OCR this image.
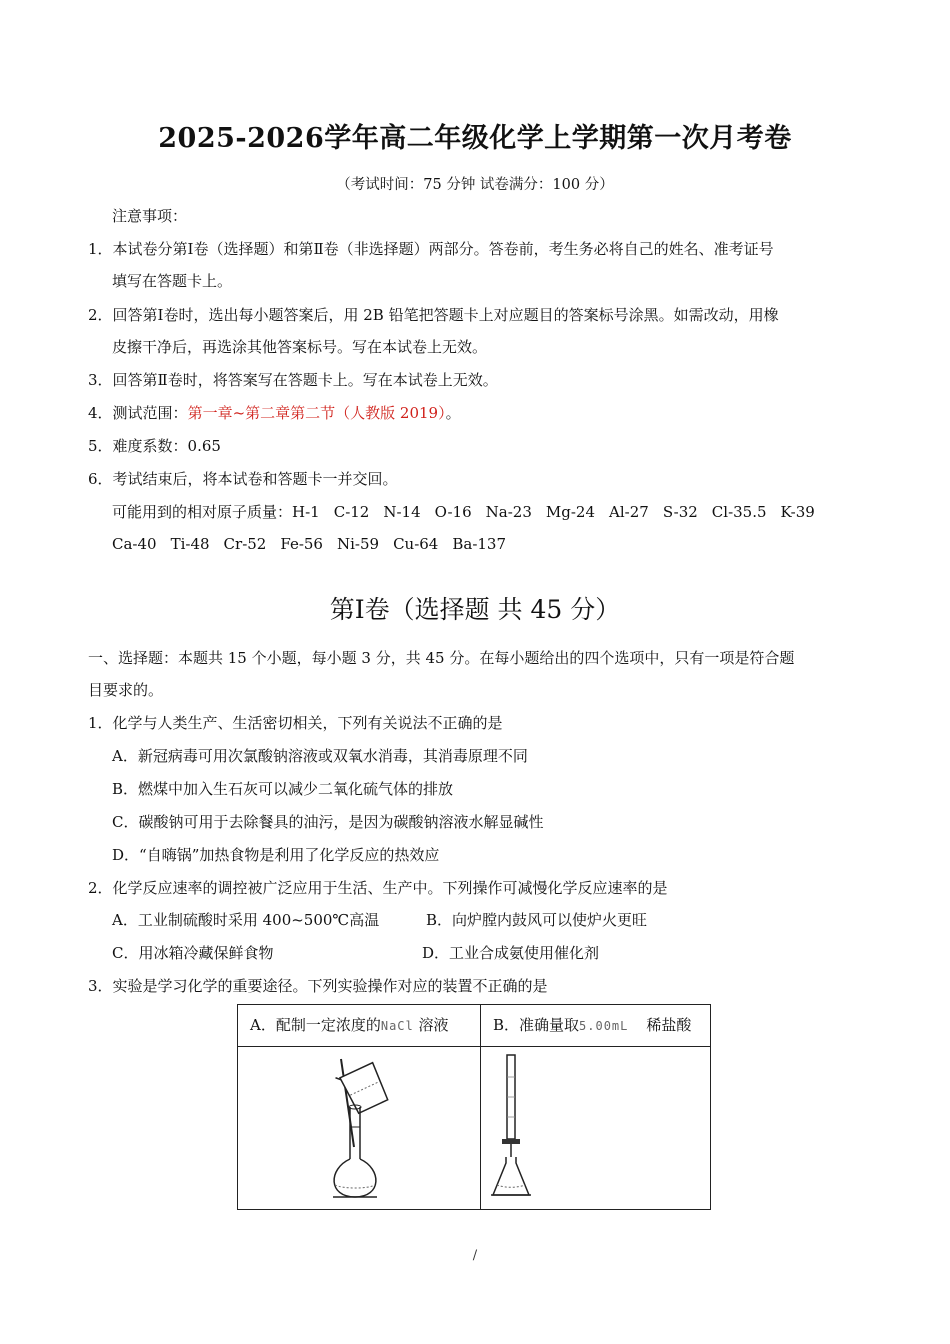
2025-2026学年高二年级化学上学期第一次月考卷
（考试时间：75 分钟 试卷满分：100 分）
注意事项：
1．本试卷分第Ⅰ卷（选择题）和第Ⅱ卷（非选择题）两部分。答卷前，考生务必将自己的姓名、准考证号
填写在答题卡上。
2．回答第Ⅰ卷时，选出每小题答案后，用 2B 铅笔把答题卡上对应题目的答案标号涂黑。如需改动，用橡
皮擦干净后，再选涂其他答案标号。写在本试卷上无效。
3．回答第Ⅱ卷时，将答案写在答题卡上。写在本试卷上无效。
4．测试范围：第一章~第二章第二节（人教版 2019）。
5．难度系数：0.65
6．考试结束后，将本试卷和答题卡一并交回。
可能用到的相对原子质量：H-1 C-12 N-14 O-16 Na-23 Mg-24 Al-27 S-32 Cl-35.5 K-39
Ca-40 Ti-48 Cr-52 Fe-56 Ni-59 Cu-64 Ba-137
第Ⅰ卷（选择题 共 45 分）
一、选择题：本题共 15 个小题，每小题 3 分，共 45 分。在每小题给出的四个选项中，只有一项是符合题
目要求的。
1．化学与人类生产、生活密切相关，下列有关说法不正确的是
A．新冠病毒可用次氯酸钠溶液或双氧水消毒，其消毒原理不同
B．燃煤中加入生石灰可以减少二氧化硫气体的排放
C．碳酸钠可用于去除餐具的油污，是因为碳酸钠溶液水解显碱性
D．“自嗨锅”加热食物是利用了化学反应的热效应
2．化学反应速率的调控被广泛应用于生活、生产中。下列操作可减慢化学反应速率的是
A．工业制硫酸时采用 400~500℃高温	B．向炉膛内鼓风可以使炉火更旺
C．用冰箱冷藏保鲜食物	D．工业合成氨使用催化剂
3．实验是学习化学的重要途径。下列实验操作对应的装置不正确的是
A．配制一定浓度的NaCl 溶液	B．准确量取5.00mL 稀盐酸

/
